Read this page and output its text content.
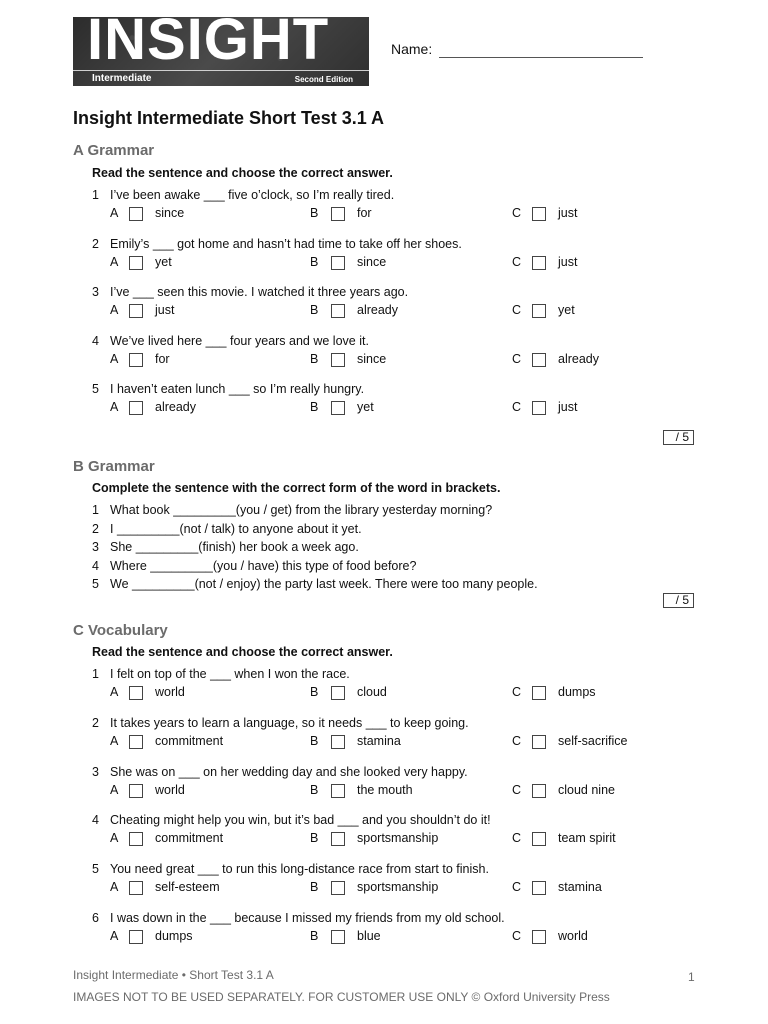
INSIGHT
Intermediate	Second Edition
Name:
Insight Intermediate Short Test 3.1 A
A Grammar
Read the sentence and choose the correct answer.
1 I’ve been awake ___ five o’clock, so I’m really tired.
A	since	B	for	C	just
2 Emily’s ___ got home and hasn’t had time to take off her shoes.
A	yet	B	since	C	just
3 I’ve ___ seen this movie. I watched it three years ago.
A	just	B	already	C	yet
4 We’ve lived here ___ four years and we love it.
A	for	B	since	C	already
5 I haven’t eaten lunch ___ so I’m really hungry.
A	already	B	yet	C	just
/ 5
B Grammar
Complete the sentence with the correct form of the word in brackets.
1 What book _________(you / get) from the library yesterday morning?
2 I _________(not / talk) to anyone about it yet.
3 She _________(finish) her book a week ago.
4 Where _________(you / have) this type of food before?
5 We _________(not / enjoy) the party last week. There were too many people.
/ 5
C Vocabulary
Read the sentence and choose the correct answer.
1 I felt on top of the ___ when I won the race.
A	world	B	cloud	C	dumps
2 It takes years to learn a language, so it needs ___ to keep going.
A	commitment	B	stamina	C	self-sacrifice
3 She was on ___ on her wedding day and she looked very happy.
A	world	B	the mouth	C	cloud nine
4 Cheating might help you win, but it’s bad ___ and you shouldn’t do it!
A	commitment	B	sportsmanship	C	team spirit
5 You need great ___ to run this long-distance race from start to finish.
A	self-esteem	B	sportsmanship	C	stamina
6 I was down in the ___ because I missed my friends from my old school.
A	dumps	B	blue	C	world
Insight Intermediate • Short Test 3.1 A	1
IMAGES NOT TO BE USED SEPARATELY. FOR CUSTOMER USE ONLY © Oxford University Press
